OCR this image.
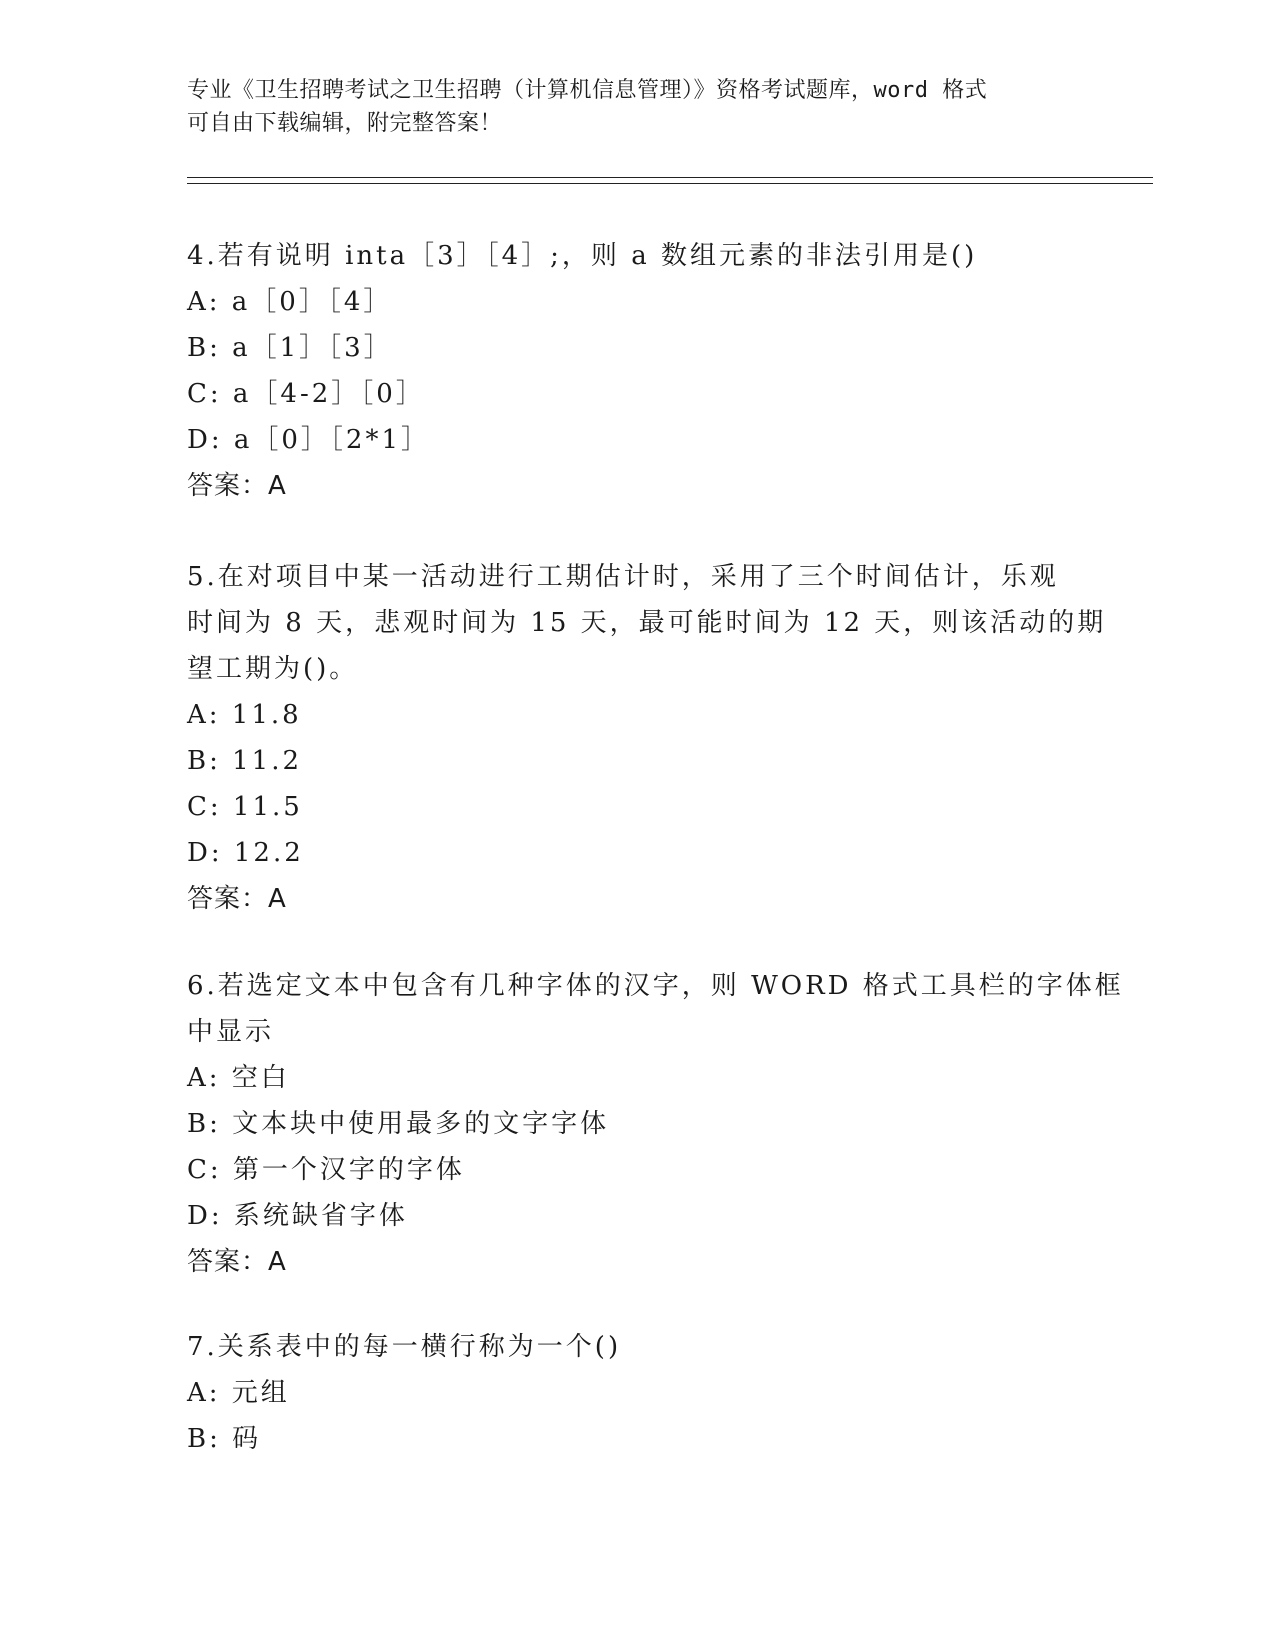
专业《卫生招聘考试之卫生招聘（计算机信息管理）》资格考试题库，word 格式
可自由下载编辑，附完整答案！
4.若有说明 inta［3］［4］;，则 a 数组元素的非法引用是()
A: a［0］［4］
B: a［1］［3］
C: a［4-2］［0］
D: a［0］［2*1］
答案：A
5.在对项目中某一活动进行工期估计时，采用了三个时间估计，乐观
时间为 8 天，悲观时间为 15 天，最可能时间为 12 天，则该活动的期
望工期为()。
A: 11.8
B: 11.2
C: 11.5
D: 12.2
答案：A
6.若选定文本中包含有几种字体的汉字，则 WORD 格式工具栏的字体框
中显示
A: 空白
B: 文本块中使用最多的文字字体
C: 第一个汉字的字体
D: 系统缺省字体
答案：A
7.关系表中的每一横行称为一个()
A: 元组
B: 码
